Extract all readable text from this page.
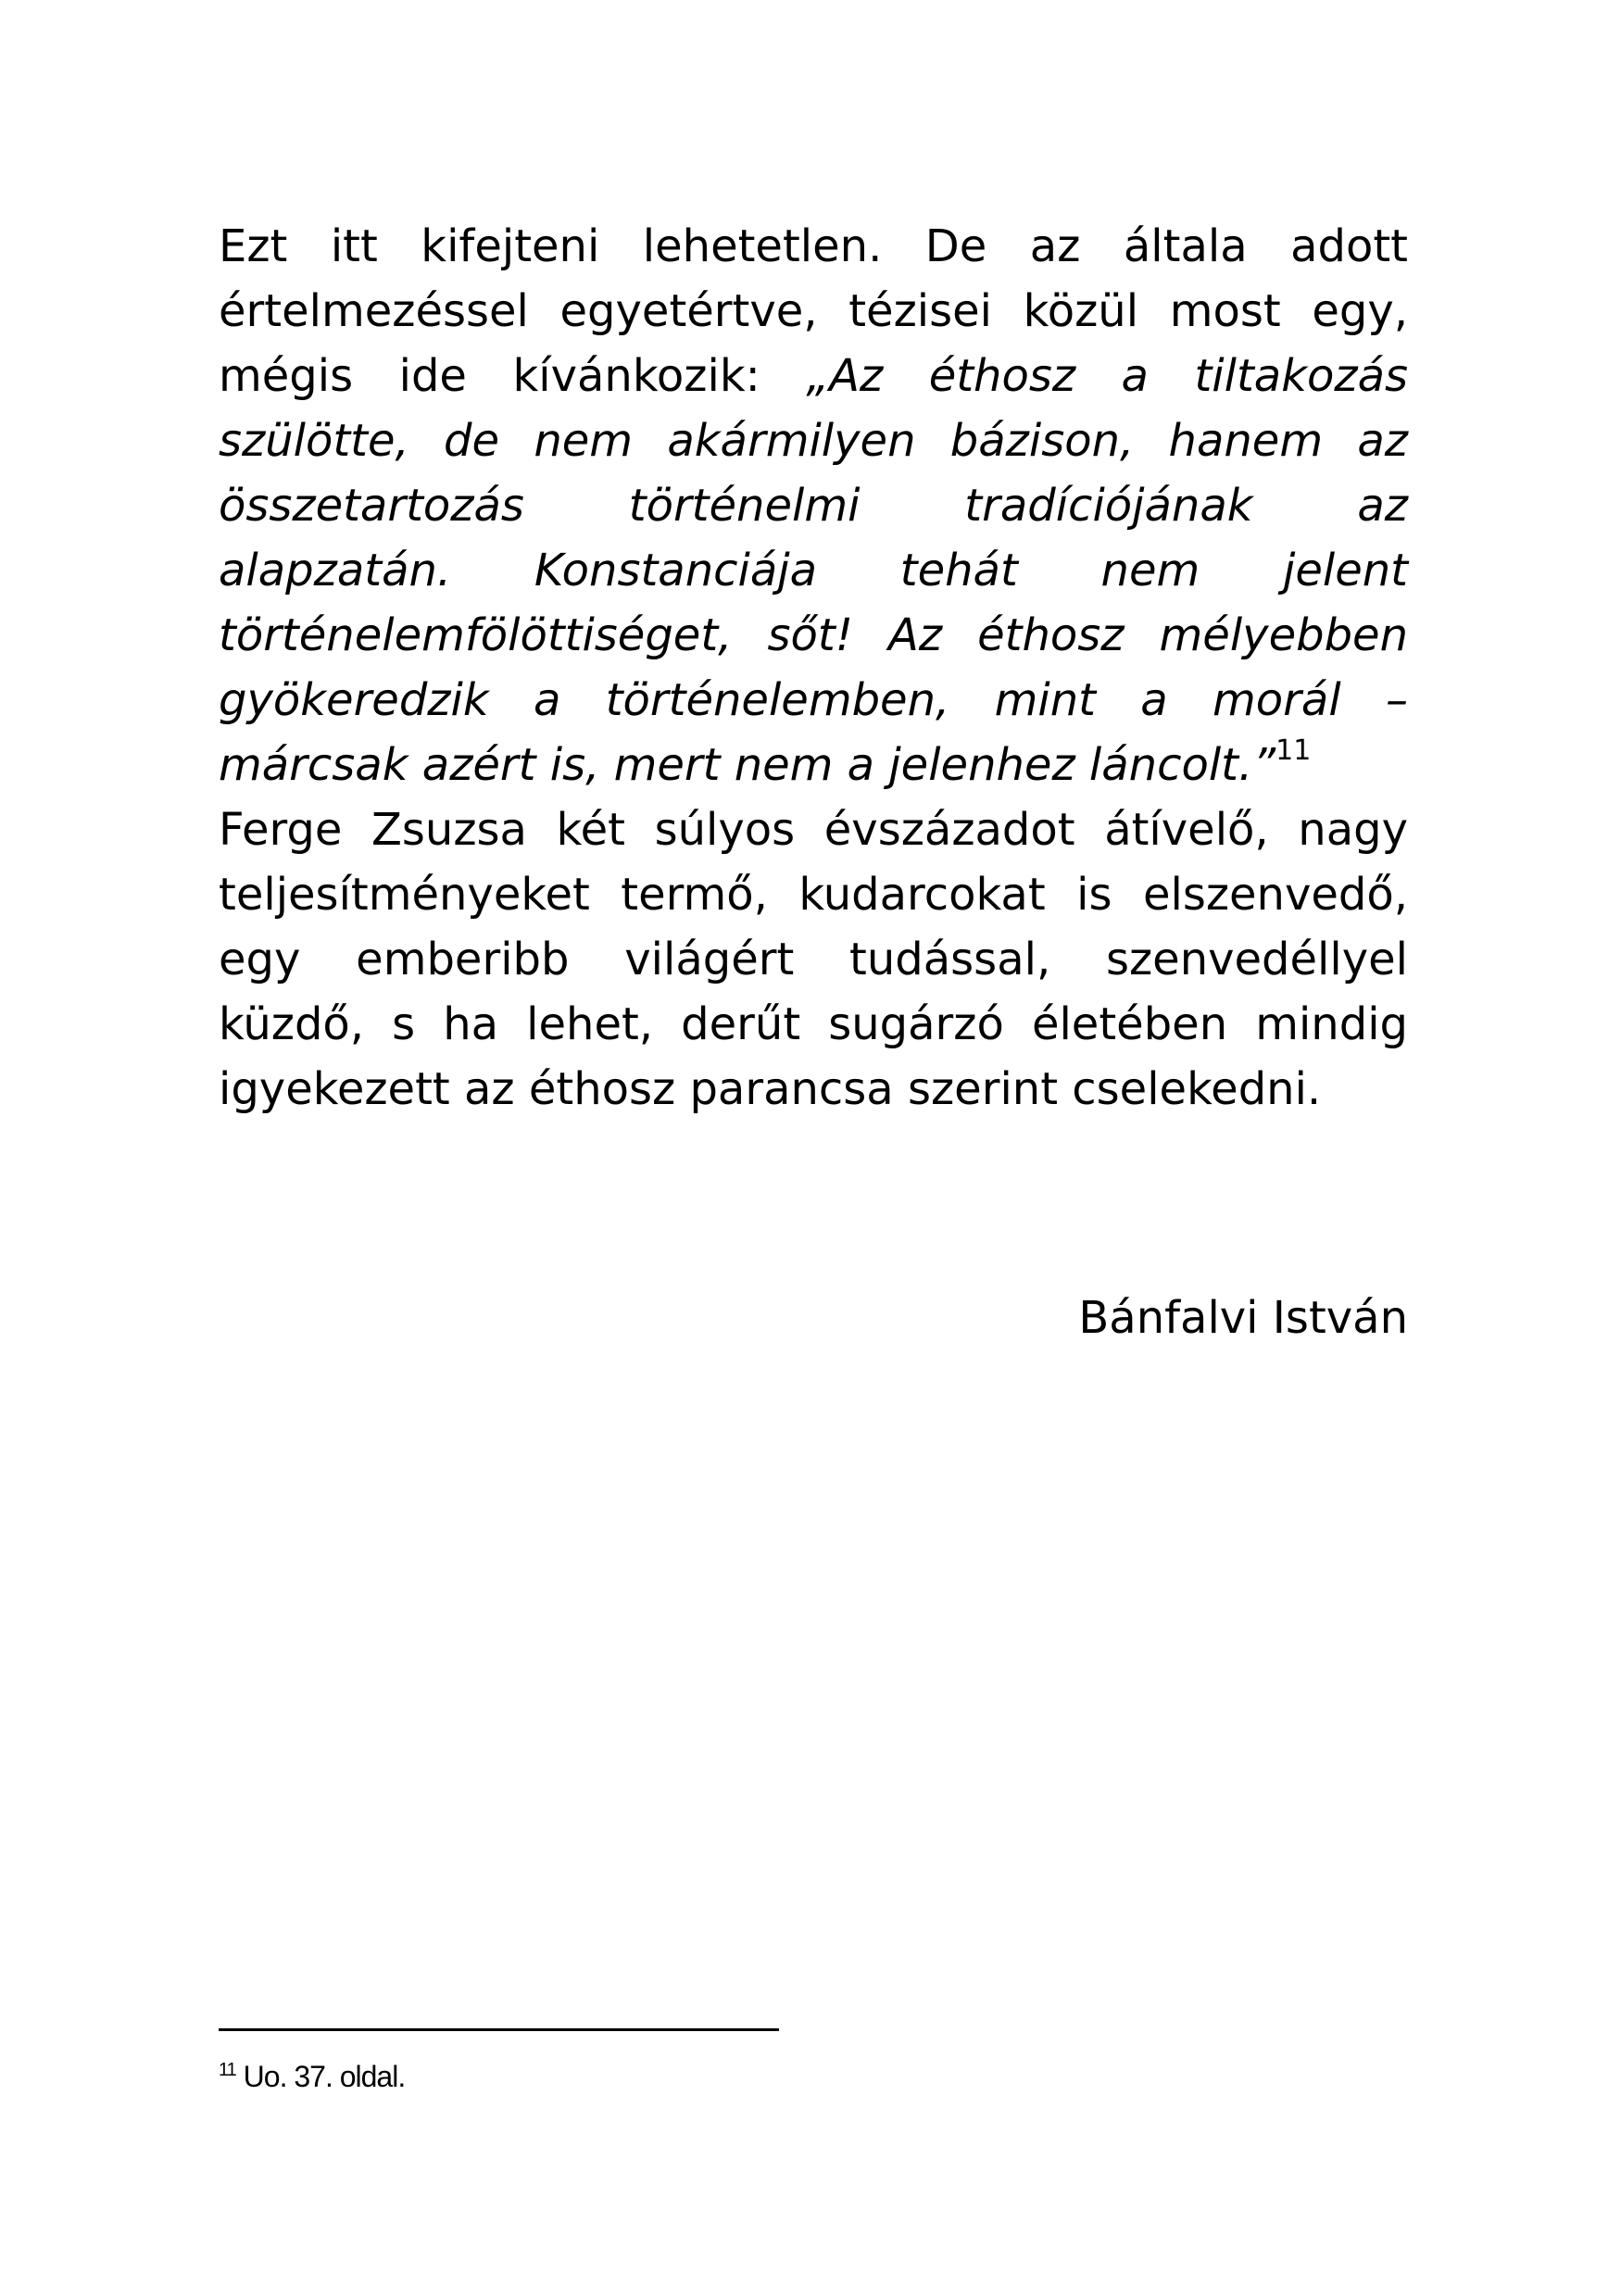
Ezt itt kifejteni lehetetlen. De az általa adott
értelmezéssel egyetértve, tézisei közül most egy,
mégis ide kívánkozik: „Az éthosz a tiltakozás
szülötte, de nem akármilyen bázison, hanem az
összetartozás történelmi tradíciójának az
alapzatán. Konstanciája tehát nem jelent
történelemfölöttiséget, sőt! Az éthosz mélyebben
gyökeredzik a történelemben, mint a morál –
márcsak azért is, mert nem a jelenhez láncolt.”$^{11}$
Ferge Zsuzsa két súlyos évszázadot átívelő, nagy
teljesítményeket termő, kudarcokat is elszenvedő,
egy emberibb világért tudással, szenvedéllyel
küzdő, s ha lehet, derűt sugárzó életében mindig
igyekezett az éthosz parancsa szerint cselekedni.

Bánfalvi István

$^{11}$ Uo. 37. oldal.
